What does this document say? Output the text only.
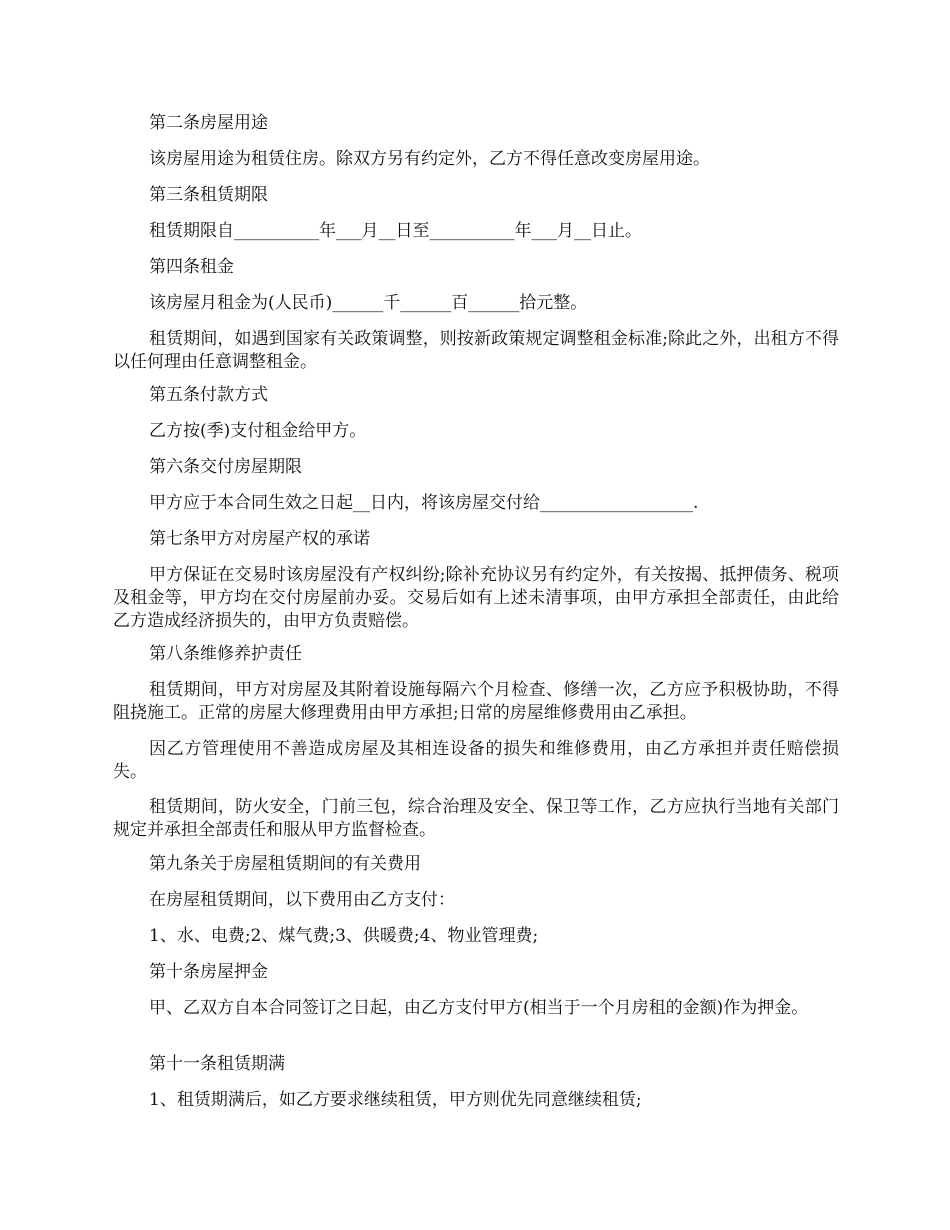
第二条房屋用途

该房屋用途为租赁住房。除双方另有约定外，乙方不得任意改变房屋用途。

第三条租赁期限

租赁期限自__________年___月__日至__________年___月__日止。

第四条租金

该房屋月租金为(人民币)______千______百______拾元整。

租赁期间，如遇到国家有关政策调整，则按新政策规定调整租金标准;除此之外，出租方不得以任何理由任意调整租金。

第五条付款方式

乙方按(季)支付租金给甲方。

第六条交付房屋期限

甲方应于本合同生效之日起__日内，将该房屋交付给__________________.

第七条甲方对房屋产权的承诺

甲方保证在交易时该房屋没有产权纠纷;除补充协议另有约定外，有关按揭、抵押债务、税项及租金等，甲方均在交付房屋前办妥。交易后如有上述未清事项，由甲方承担全部责任，由此给乙方造成经济损失的，由甲方负责赔偿。

第八条维修养护责任

租赁期间，甲方对房屋及其附着设施每隔六个月检查、修缮一次，乙方应予积极协助，不得阻挠施工。正常的房屋大修理费用由甲方承担;日常的房屋维修费用由乙承担。

因乙方管理使用不善造成房屋及其相连设备的损失和维修费用，由乙方承担并责任赔偿损失。

租赁期间，防火安全，门前三包，综合治理及安全、保卫等工作，乙方应执行当地有关部门规定并承担全部责任和服从甲方监督检查。

第九条关于房屋租赁期间的有关费用

在房屋租赁期间，以下费用由乙方支付：

1、水、电费;2、煤气费;3、供暖费;4、物业管理费;

第十条房屋押金

甲、乙双方自本合同签订之日起，由乙方支付甲方(相当于一个月房租的金额)作为押金。

第十一条租赁期满

1、租赁期满后，如乙方要求继续租赁，甲方则优先同意继续租赁;
